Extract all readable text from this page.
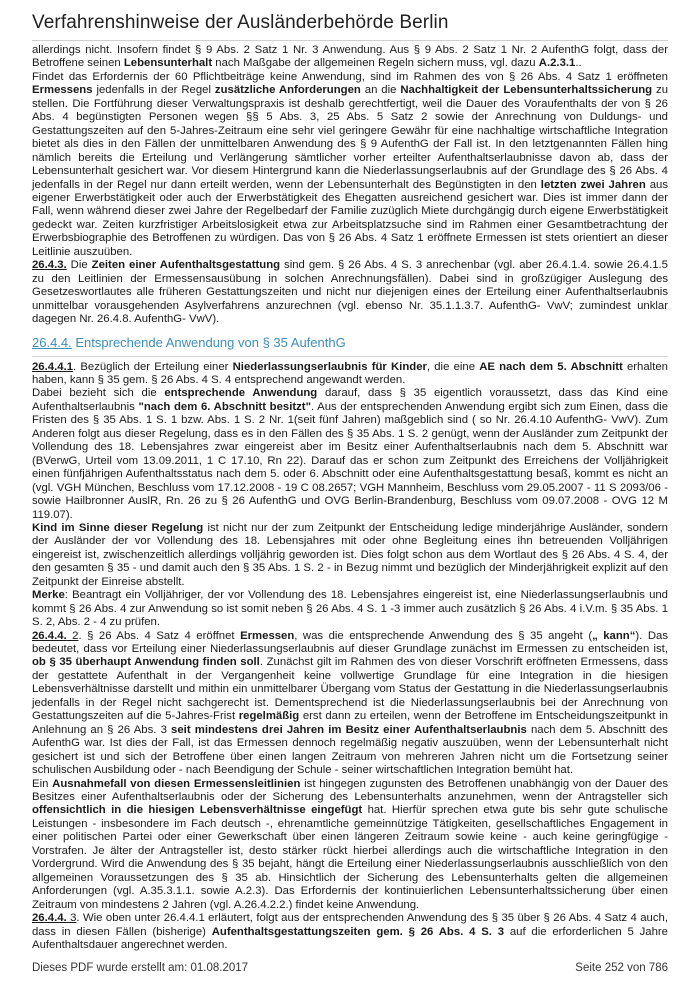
Verfahrenshinweise der Ausländerbehörde Berlin

allerdings nicht. Insofern findet § 9 Abs. 2 Satz 1 Nr. 3 Anwendung. Aus § 9 Abs. 2 Satz 1 Nr. 2 AufenthG folgt, dass der Betroffene seinen Lebensunterhalt nach Maßgabe der allgemeinen Regeln sichern muss, vgl. dazu A.2.3.1..

Findet das Erfordernis der 60 Pflichtbeiträge keine Anwendung, sind im Rahmen des von § 26 Abs. 4 Satz 1 eröffneten Ermessens jedenfalls in der Regel zusätzliche Anforderungen an die Nachhaltigkeit der Lebensunterhaltssicherung zu stellen. Die Fortführung dieser Verwaltungspraxis ist deshalb gerechtfertigt, weil die Dauer des Voraufenthalts der von § 26 Abs. 4 begünstigten Personen wegen §§ 5 Abs. 3, 25 Abs. 5 Satz 2 sowie der Anrechnung von Duldungs- und Gestattungszeiten auf den 5-Jahres-Zeitraum eine sehr viel geringere Gewähr für eine nachhaltige wirtschaftliche Integration bietet als dies in den Fällen der unmittelbaren Anwendung des § 9 AufenthG der Fall ist. In den letztgenannten Fällen hing nämlich bereits die Erteilung und Verlängerung sämtlicher vorher erteilter Aufenthaltserlaubnisse davon ab, dass der Lebensunterhalt gesichert war. Vor diesem Hintergrund kann die Niederlassungserlaubnis auf der Grundlage des § 26 Abs. 4 jedenfalls in der Regel nur dann erteilt werden, wenn der Lebensunterhalt des Begünstigten in den letzten zwei Jahren aus eigener Erwerbstätigkeit oder auch der Erwerbstätigkeit des Ehegatten ausreichend gesichert war. Dies ist immer dann der Fall, wenn während dieser zwei Jahre der Regelbedarf der Familie zuzüglich Miete durchgängig durch eigene Erwerbstätigkeit gedeckt war. Zeiten kurzfristiger Arbeitslosigkeit etwa zur Arbeitsplatzsuche sind im Rahmen einer Gesamtbetrachtung der Erwerbsbiographie des Betroffenen zu würdigen. Das von § 26 Abs. 4 Satz 1 eröffnete Ermessen ist stets orientiert an dieser Leitlinie auszuüben.

26.4.3. Die Zeiten einer Aufenthaltsgestattung sind gem. § 26 Abs. 4 S. 3 anrechenbar (vgl. aber 26.4.1.4. sowie 26.4.1.5 zu den Leitlinien der Ermessensausübung in solchen Anrechnungsfällen). Dabei sind in großzügiger Auslegung des Gesetzeswortlautes alle früheren Gestattungszeiten und nicht nur diejenigen eines der Erteilung einer Aufenthaltserlaubnis unmittelbar vorausgehenden Asylverfahrens anzurechnen (vgl. ebenso Nr. 35.1.1.3.7. AufenthG- VwV; zumindest unklar dagegen Nr. 26.4.8. AufenthG- VwV).

26.4.4. Entsprechende Anwendung von § 35 AufenthG

26.4.4.1. Bezüglich der Erteilung einer Niederlassungserlaubnis für Kinder, die eine AE nach dem 5. Abschnitt erhalten haben, kann § 35 gem. § 26 Abs. 4 S. 4 entsprechend angewandt werden.

Dabei bezieht sich die entsprechende Anwendung darauf, dass § 35 eigentlich voraussetzt, dass das Kind eine Aufenthaltserlaubnis "nach dem 6. Abschnitt besitzt". Aus der entsprechenden Anwendung ergibt sich zum Einen, dass die Fristen des § 35 Abs. 1 S. 1 bzw. Abs. 1 S. 2 Nr. 1(seit fünf Jahren) maßgeblich sind ( so Nr. 26.4.10 AufenthG- VwV). Zum Anderen folgt aus dieser Regelung, dass es in den Fällen des § 35 Abs. 1 S. 2 genügt, wenn der Ausländer zum Zeitpunkt der Vollendung des 18. Lebensjahres zwar eingereist aber im Besitz einer Aufenthaltserlaubnis nach dem 5. Abschnitt war (BVerwG, Urteil vom 13.09.2011, 1 C 17.10, Rn 22). Darauf das er schon zum Zeitpunkt des Erreichens der Volljährigkeit einen fünfjährigen Aufenthaltsstatus nach dem 5. oder 6. Abschnitt oder eine Aufenthaltsgestattung besaß, kommt es nicht an (vgl. VGH München, Beschluss vom 17.12.2008 - 19 C 08.2657; VGH Mannheim, Beschluss vom 29.05.2007 - 11 S 2093/06 - sowie Hailbronner AuslR, Rn. 26 zu § 26 AufenthG und OVG Berlin-Brandenburg, Beschluss vom 09.07.2008 - OVG 12 M 119.07).

Kind im Sinne dieser Regelung ist nicht nur der zum Zeitpunkt der Entscheidung ledige minderjährige Ausländer, sondern der Ausländer der vor Vollendung des 18. Lebensjahres mit oder ohne Begleitung eines ihn betreuenden Volljährigen eingereist ist, zwischenzeitlich allerdings volljährig geworden ist. Dies folgt schon aus dem Wortlaut des § 26 Abs. 4 S. 4, der den gesamten § 35 - und damit auch den § 35 Abs. 1 S. 2 - in Bezug nimmt und bezüglich der Minderjährigkeit explizit auf den Zeitpunkt der Einreise abstellt.

Merke: Beantragt ein Volljähriger, der vor Vollendung des 18. Lebensjahres eingereist ist, eine Niederlassungserlaubnis und kommt § 26 Abs. 4 zur Anwendung so ist somit neben § 26 Abs. 4 S. 1 -3 immer auch zusätzlich § 26 Abs. 4 i.V.m. § 35 Abs. 1 S. 2, Abs. 2 - 4 zu prüfen.

26.4.4. 2. § 26 Abs. 4 Satz 4 eröffnet Ermessen, was die entsprechende Anwendung des § 35 angeht („ kann“). Das bedeutet, dass vor Erteilung einer Niederlassungserlaubnis auf dieser Grundlage zunächst im Ermessen zu entscheiden ist, ob § 35 überhaupt Anwendung finden soll. Zunächst gilt im Rahmen des von dieser Vorschrift eröffneten Ermessens, dass der gestattete Aufenthalt in der Vergangenheit keine vollwertige Grundlage für eine Integration in die hiesigen Lebensverhältnisse darstellt und mithin ein unmittelbarer Übergang vom Status der Gestattung in die Niederlassungserlaubnis jedenfalls in der Regel nicht sachgerecht ist. Dementsprechend ist die Niederlassungserlaubnis bei der Anrechnung von Gestattungszeiten auf die 5-Jahres-Frist regelmäßig erst dann zu erteilen, wenn der Betroffene im Entscheidungszeitpunkt in Anlehnung an § 26 Abs. 3 seit mindestens drei Jahren im Besitz einer Aufenthaltserlaubnis nach dem 5. Abschnitt des AufenthG war. Ist dies der Fall, ist das Ermessen dennoch regelmäßig negativ auszuüben, wenn der Lebensunterhalt nicht gesichert ist und sich der Betroffene über einen langen Zeitraum von mehreren Jahren nicht um die Fortsetzung seiner schulischen Ausbildung oder - nach Beendigung der Schule - seiner wirtschaftlichen Integration bemüht hat.

Ein Ausnahmefall von diesen Ermessensleitlinien ist hingegen zugunsten des Betroffenen unabhängig von der Dauer des Besitzes einer Aufenthaltserlaubnis oder der Sicherung des Lebensunterhalts anzunehmen, wenn der Antragsteller sich offensichtlich in die hiesigen Lebensverhältnisse eingefügt hat. Hierfür sprechen etwa gute bis sehr gute schulische Leistungen - insbesondere im Fach deutsch -, ehrenamtliche gemeinnützige Tätigkeiten, gesellschaftliches Engagement in einer politischen Partei oder einer Gewerkschaft über einen längeren Zeitraum sowie keine - auch keine geringfügige - Vorstrafen. Je älter der Antragsteller ist, desto stärker rückt hierbei allerdings auch die wirtschaftliche Integration in den Vordergrund. Wird die Anwendung des § 35 bejaht, hängt die Erteilung einer Niederlassungserlaubnis ausschließlich von den allgemeinen Voraussetzungen des § 35 ab. Hinsichtlich der Sicherung des Lebensunterhalts gelten die allgemeinen Anforderungen (vgl. A.35.3.1.1. sowie A.2.3). Das Erfordernis der kontinuierlichen Lebensunterhaltssicherung über einen Zeitraum von mindestens 2 Jahren (vgl. A.26.4.2.2.) findet keine Anwendung.

26.4.4. 3. Wie oben unter 26.4.4.1 erläutert, folgt aus der entsprechenden Anwendung des § 35 über § 26 Abs. 4 Satz 4 auch, dass in diesen Fällen (bisherige) Aufenthaltsgestattungszeiten gem. § 26 Abs. 4 S. 3 auf die erforderlichen 5 Jahre Aufenthaltsdauer angerechnet werden.

Dieses PDF wurde erstellt am: 01.08.2017	Seite 252 von 786
